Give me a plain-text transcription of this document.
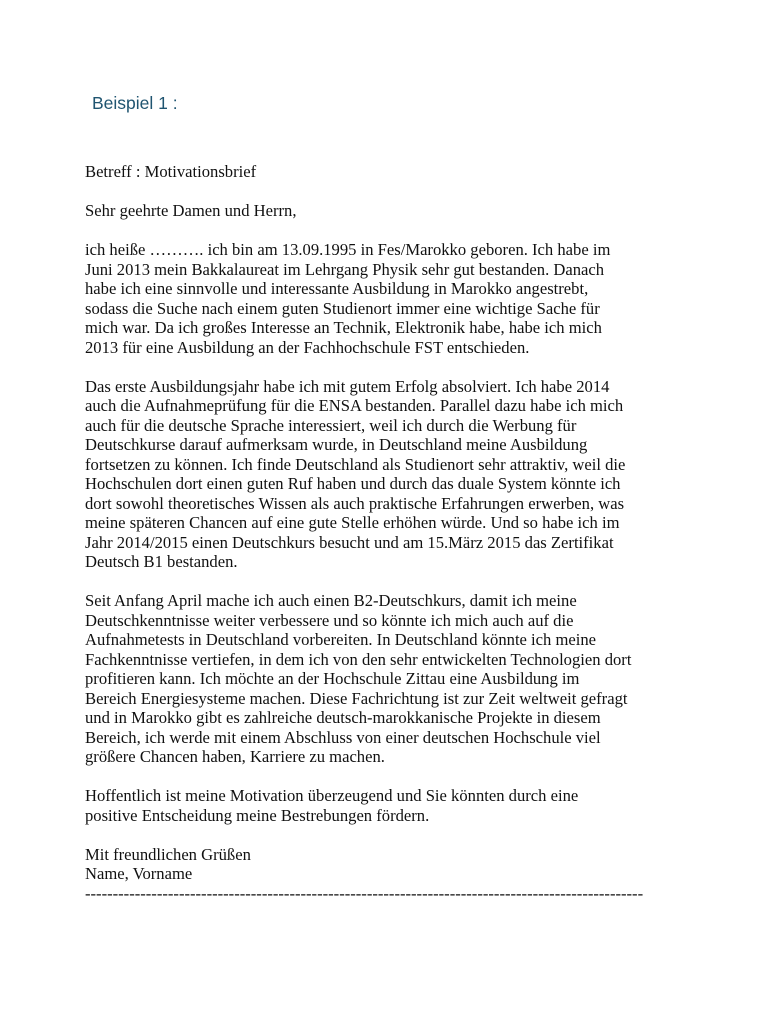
Beispiel 1 :
Betreff : Motivationsbrief
Sehr geehrte Damen und Herrn,
ich heiße ………. ich bin am 13.09.1995 in Fes/Marokko geboren. Ich habe im
Juni 2013 mein Bakkalaureat im Lehrgang Physik sehr gut bestanden. Danach
habe ich eine sinnvolle und interessante Ausbildung in Marokko angestrebt,
sodass die Suche nach einem guten Studienort immer eine wichtige Sache für
mich war. Da ich großes Interesse an Technik, Elektronik habe, habe ich mich
2013 für eine Ausbildung an der Fachhochschule FST entschieden.
Das erste Ausbildungsjahr habe ich mit gutem Erfolg absolviert. Ich habe 2014
auch die Aufnahmeprüfung für die ENSA bestanden. Parallel dazu habe ich mich
auch für die deutsche Sprache interessiert, weil ich durch die Werbung für
Deutschkurse darauf aufmerksam wurde, in Deutschland meine Ausbildung
fortsetzen zu können. Ich finde Deutschland als Studienort sehr attraktiv, weil die
Hochschulen dort einen guten Ruf haben und durch das duale System könnte ich
dort sowohl theoretisches Wissen als auch praktische Erfahrungen erwerben, was
meine späteren Chancen auf eine gute Stelle erhöhen würde. Und so habe ich im
Jahr 2014/2015 einen Deutschkurs besucht und am 15.März 2015 das Zertifikat
Deutsch B1 bestanden.
Seit Anfang April mache ich auch einen B2-Deutschkurs, damit ich meine
Deutschkenntnisse weiter verbessere und so könnte ich mich auch auf die
Aufnahmetests in Deutschland vorbereiten. In Deutschland könnte ich meine
Fachkenntnisse vertiefen, in dem ich von den sehr entwickelten Technologien dort
profitieren kann. Ich möchte an der Hochschule Zittau eine Ausbildung im
Bereich Energiesysteme machen. Diese Fachrichtung ist zur Zeit weltweit gefragt
und in Marokko gibt es zahlreiche deutsch-marokkanische Projekte in diesem
Bereich, ich werde mit einem Abschluss von einer deutschen Hochschule viel
größere Chancen haben, Karriere zu machen.
Hoffentlich ist meine Motivation überzeugend und Sie könnten durch eine
positive Entscheidung meine Bestrebungen fördern.
Mit freundlichen Grüßen
Name, Vorname
-----------------------------------------------------------------------------------------------------
